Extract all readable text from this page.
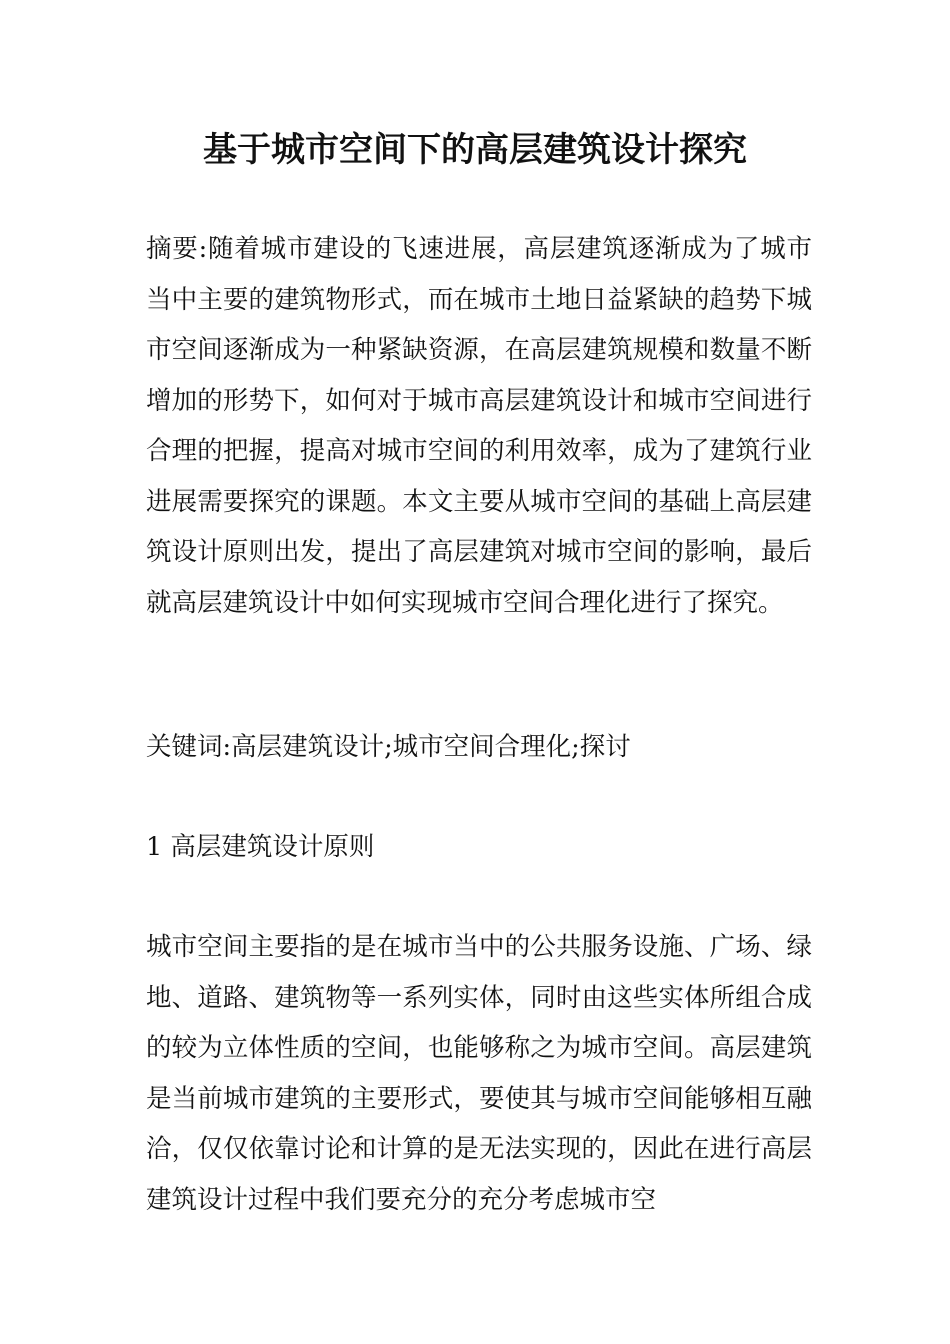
基于城市空间下的高层建筑设计探究

摘要:随着城市建设的飞速进展，高层建筑逐渐成为了城市当中主要的建筑物形式，而在城市土地日益紧缺的趋势下城市空间逐渐成为一种紧缺资源，在高层建筑规模和数量不断增加的形势下，如何对于城市高层建筑设计和城市空间进行合理的把握，提高对城市空间的利用效率，成为了建筑行业进展需要探究的课题。本文主要从城市空间的基础上高层建筑设计原则出发，提出了高层建筑对城市空间的影响，最后就高层建筑设计中如何实现城市空间合理化进行了探究。

关键词:高层建筑设计;城市空间合理化;探讨

1 高层建筑设计原则

城市空间主要指的是在城市当中的公共服务设施、广场、绿地、道路、建筑物等一系列实体，同时由这些实体所组合成的较为立体性质的空间，也能够称之为城市空间。高层建筑是当前城市建筑的主要形式，要使其与城市空间能够相互融洽，仅仅依靠讨论和计算的是无法实现的，因此在进行高层建筑设计过程中我们要充分的充分考虑城市空
